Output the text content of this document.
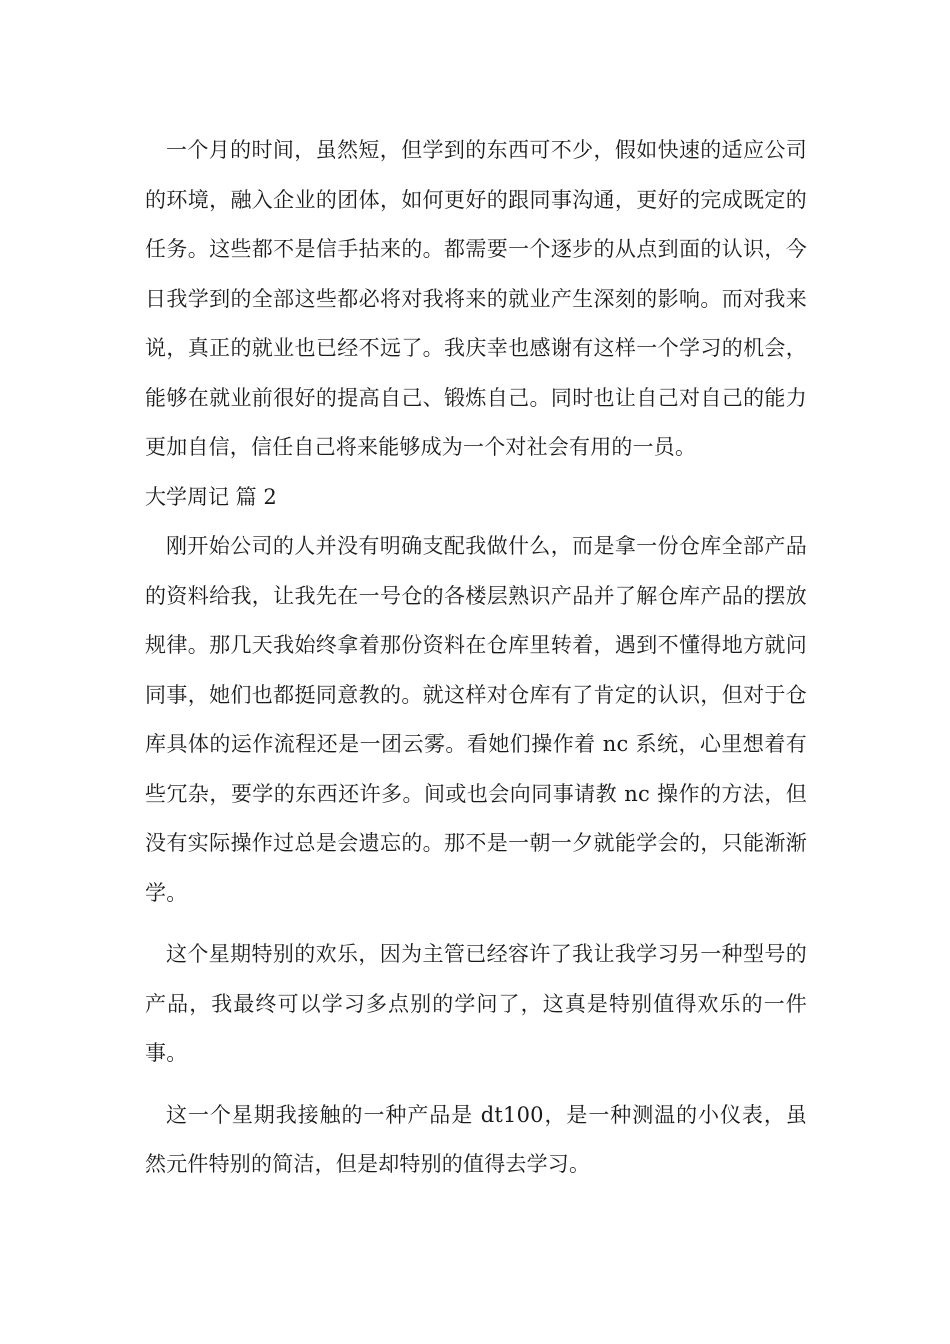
一个月的时间，虽然短，但学到的东西可不少，假如快速的适应公司的环境，融入企业的团体，如何更好的跟同事沟通，更好的完成既定的任务。这些都不是信手拈来的。都需要一个逐步的从点到面的认识，今日我学到的全部这些都必将对我将来的就业产生深刻的影响。而对我来说，真正的就业也已经不远了。我庆幸也感谢有这样一个学习的机会，能够在就业前很好的提高自己、锻炼自己。同时也让自己对自己的能力更加自信，信任自己将来能够成为一个对社会有用的一员。

大学周记 篇 2

刚开始公司的人并没有明确支配我做什么，而是拿一份仓库全部产品的资料给我，让我先在一号仓的各楼层熟识产品并了解仓库产品的摆放规律。那几天我始终拿着那份资料在仓库里转着，遇到不懂得地方就问同事，她们也都挺同意教的。就这样对仓库有了肯定的认识，但对于仓库具体的运作流程还是一团云雾。看她们操作着 nc 系统，心里想着有些冗杂，要学的东西还许多。间或也会向同事请教 nc 操作的方法，但没有实际操作过总是会遗忘的。那不是一朝一夕就能学会的，只能渐渐学。

这个星期特别的欢乐，因为主管已经容许了我让我学习另一种型号的产品，我最终可以学习多点别的学问了，这真是特别值得欢乐的一件事。

这一个星期我接触的一种产品是 dt100，是一种测温的小仪表，虽然元件特别的简洁，但是却特别的值得去学习。
